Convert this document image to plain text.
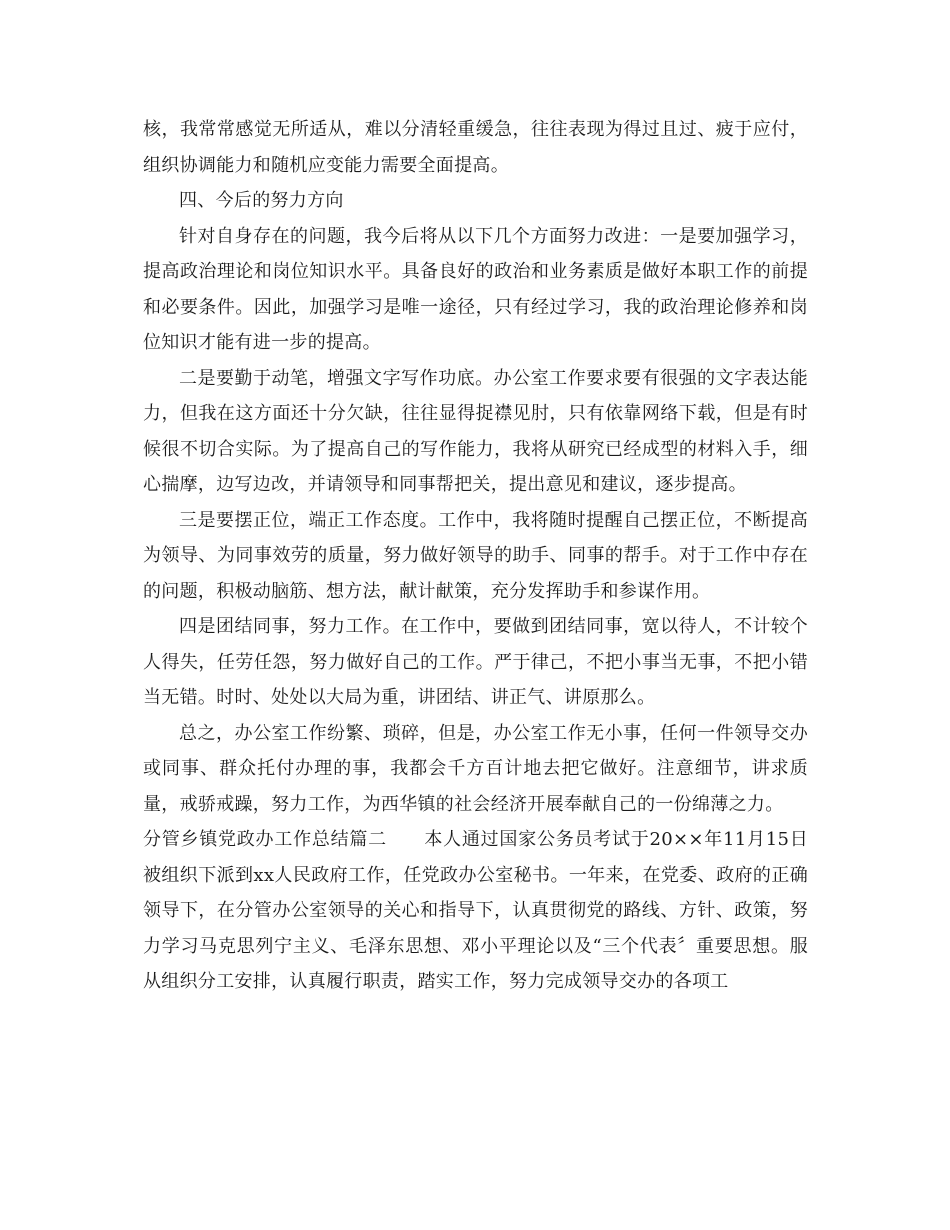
核，我常常感觉无所适从，难以分清轻重缓急，往往表现为得过且过、疲于应付，组织协调能力和随机应变能力需要全面提高。

四、今后的努力方向

针对自身存在的问题，我今后将从以下几个方面努力改进：一是要加强学习，提高政治理论和岗位知识水平。具备良好的政治和业务素质是做好本职工作的前提和必要条件。因此，加强学习是唯一途径，只有经过学习，我的政治理论修养和岗位知识才能有进一步的提高。

二是要勤于动笔，增强文字写作功底。办公室工作要求要有很强的文字表达能力，但我在这方面还十分欠缺，往往显得捉襟见肘，只有依靠网络下载，但是有时候很不切合实际。为了提高自己的写作能力，我将从研究已经成型的材料入手，细心揣摩，边写边改，并请领导和同事帮把关，提出意见和建议，逐步提高。

三是要摆正位，端正工作态度。工作中，我将随时提醒自己摆正位，不断提高为领导、为同事效劳的质量，努力做好领导的助手、同事的帮手。对于工作中存在的问题，积极动脑筋、想方法，献计献策，充分发挥助手和参谋作用。

四是团结同事，努力工作。在工作中，要做到团结同事，宽以待人，不计较个人得失，任劳任怨，努力做好自己的工作。严于律己，不把小事当无事，不把小错当无错。时时、处处以大局为重，讲团结、讲正气、讲原那么。

总之，办公室工作纷繁、琐碎，但是，办公室工作无小事，任何一件领导交办或同事、群众托付办理的事，我都会千方百计地去把它做好。注意细节，讲求质量，戒骄戒躁，努力工作，为西华镇的社会经济开展奉献自己的一份绵薄之力。

分管乡镇党政办工作总结篇二　　本人通过国家公务员考试于20××年11月15日被组织下派到xx人民政府工作，任党政办公室秘书。一年来，在党委、政府的正确领导下，在分管办公室领导的关心和指导下，认真贯彻党的路线、方针、政策，努力学习马克思列宁主义、毛泽东思想、邓小平理论以及“三个代表〞重要思想。服从组织分工安排，认真履行职责，踏实工作，努力完成领导交办的各项工
